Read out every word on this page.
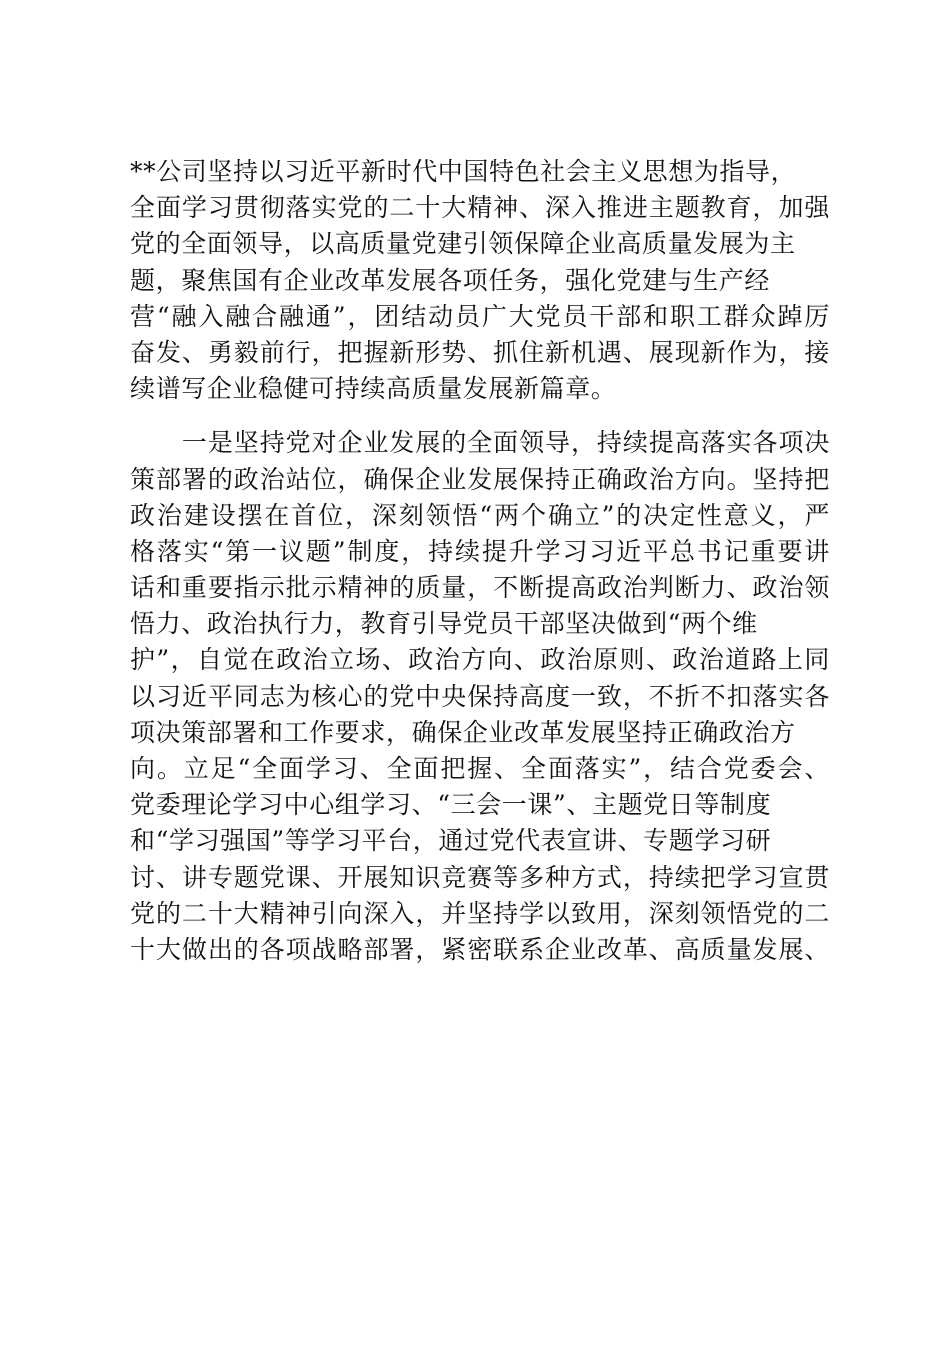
**公司坚持以习近平新时代中国特色社会主义思想为指导，
全面学习贯彻落实党的二十大精神、深入推进主题教育，加强
党的全面领导，以高质量党建引领保障企业高质量发展为主
题，聚焦国有企业改革发展各项任务，强化党建与生产经
营“融入融合融通”，团结动员广大党员干部和职工群众踔厉
奋发、勇毅前行，把握新形势、抓住新机遇、展现新作为，接
续谱写企业稳健可持续高质量发展新篇章。
　　一是坚持党对企业发展的全面领导，持续提高落实各项决
策部署的政治站位，确保企业发展保持正确政治方向。坚持把
政治建设摆在首位，深刻领悟“两个确立”的决定性意义，严
格落实“第一议题”制度，持续提升学习习近平总书记重要讲
话和重要指示批示精神的质量，不断提高政治判断力、政治领
悟力、政治执行力，教育引导党员干部坚决做到“两个维
护”，自觉在政治立场、政治方向、政治原则、政治道路上同
以习近平同志为核心的党中央保持高度一致，不折不扣落实各
项决策部署和工作要求，确保企业改革发展坚持正确政治方
向。立足“全面学习、全面把握、全面落实”，结合党委会、
党委理论学习中心组学习、“三会一课”、主题党日等制度
和“学习强国”等学习平台，通过党代表宣讲、专题学习研
讨、讲专题党课、开展知识竞赛等多种方式，持续把学习宣贯
党的二十大精神引向深入，并坚持学以致用，深刻领悟党的二
十大做出的各项战略部署，紧密联系企业改革、高质量发展、
